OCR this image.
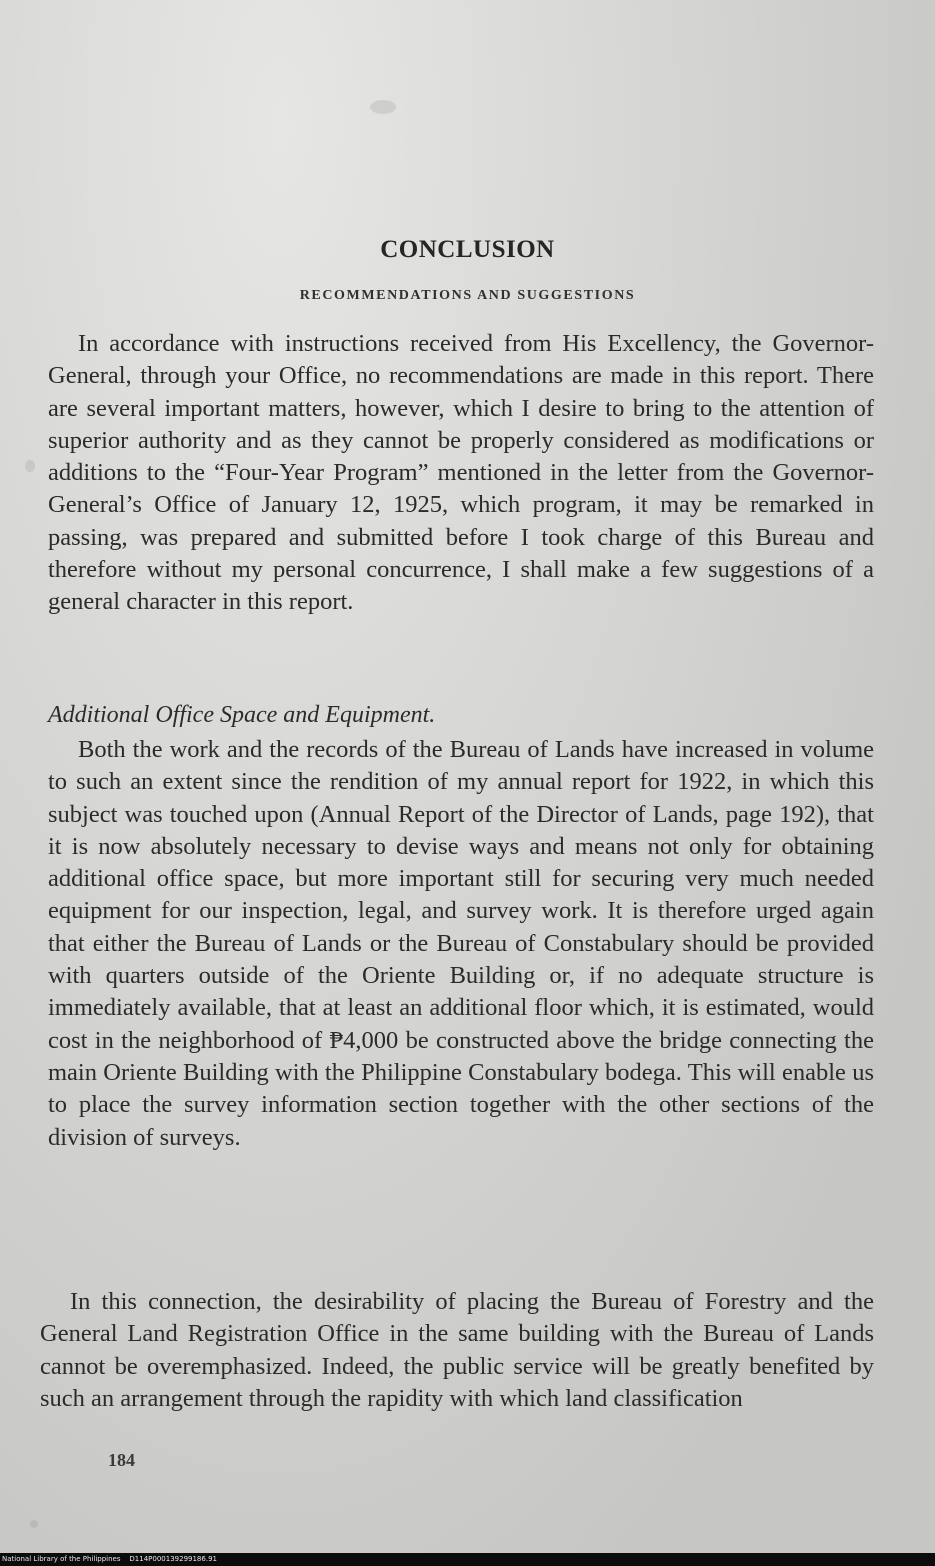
CONCLUSION
RECOMMENDATIONS AND SUGGESTIONS

In accordance with instructions received from His Excellency, the Governor-General, through your Office, no recommendations are made in this report. There are several important matters, however, which I desire to bring to the attention of superior authority and as they cannot be properly considered as modifications or additions to the “Four-Year Program” mentioned in the letter from the Governor-General’s Office of January 12, 1925, which program, it may be remarked in passing, was prepared and submitted before I took charge of this Bureau and therefore without my personal concurrence, I shall make a few suggestions of a general character in this report.

Additional Office Space and Equipment.

Both the work and the records of the Bureau of Lands have increased in volume to such an extent since the rendition of my annual report for 1922, in which this subject was touched upon (Annual Report of the Director of Lands, page 192), that it is now absolutely necessary to devise ways and means not only for obtaining additional office space, but more important still for securing very much needed equipment for our inspection, legal, and survey work. It is therefore urged again that either the Bureau of Lands or the Bureau of Constabulary should be provided with quarters outside of the Oriente Building or, if no adequate structure is immediately available, that at least an additional floor which, it is estimated, would cost in the neighborhood of ₱4,000 be constructed above the bridge connecting the main Oriente Building with the Philippine Constabulary bodega. This will enable us to place the survey information section together with the other sections of the division of surveys.

In this connection, the desirability of placing the Bureau of Forestry and the General Land Registration Office in the same building with the Bureau of Lands cannot be overemphasized. Indeed, the public service will be greatly benefited by such an arrangement through the rapidity with which land classification

184
National Library of the Philippines D114P000139299186.91
